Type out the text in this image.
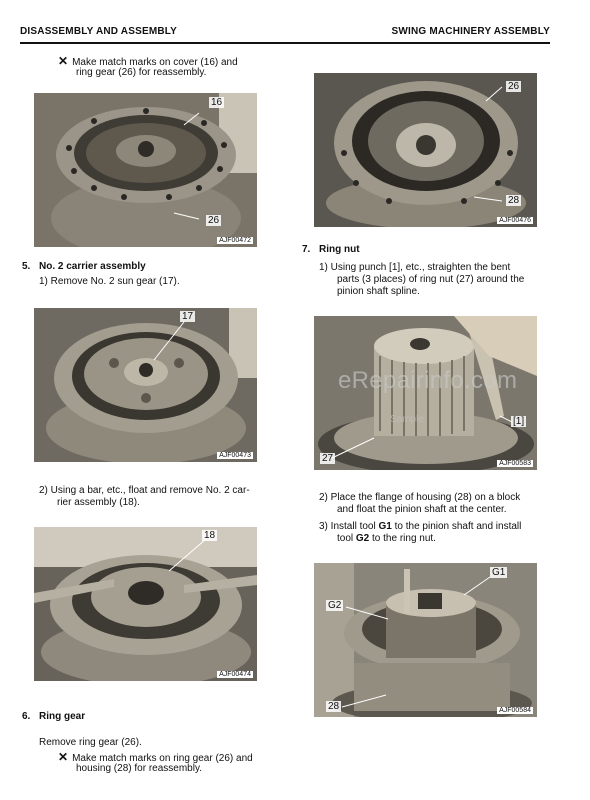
DISASSEMBLY AND ASSEMBLY	SWING MACHINERY ASSEMBLY
✕ Make match marks on cover (16) and
ring gear (26) for reassembly.
16
26
AJF00472
5. No. 2 carrier assembly
1) Remove No. 2 sun gear (17).
17
AJF00473
2) Using a bar, etc., float and remove No. 2 car-
rier assembly (18).
18
AJF00474
6. Ring gear
Remove ring gear (26).
✕ Make match marks on ring gear (26) and
housing (28) for reassembly.
26
28
AJF00476
7. Ring nut
1) Using punch [1], etc., straighten the bent
parts (3 places) of ring nut (27) around the
pinion shaft spline.
[1]
27	AJF00583
eRepairinfo.com
Sample
2) Place the flange of housing (28) on a block
and float the pinion shaft at the center.
3) Install tool G1 to the pinion shaft and install
tool G2 to the ring nut.
G1
G2
28	AJF00584
